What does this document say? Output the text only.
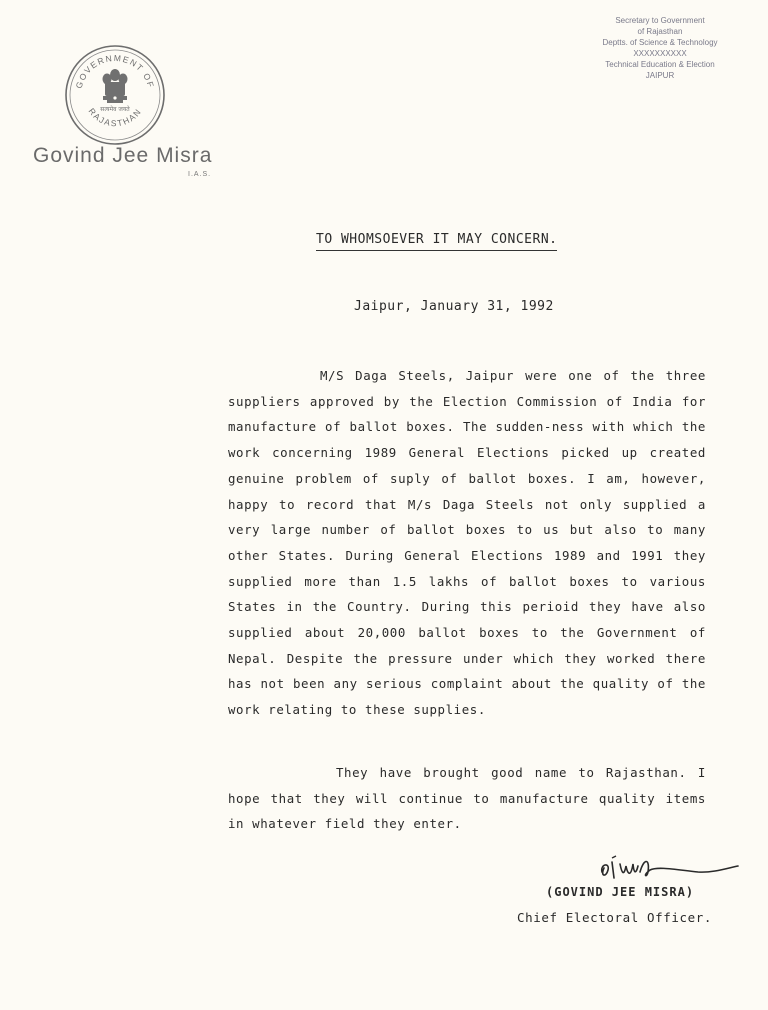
GOVERNMENT OF
RAJASTHAN
सत्यमेव जयते
Govind Jee Misra
I.A.S.
Secretary to Government
of Rajasthan
Deptts. of Science & Technology
XXXXXXXXXX
Technical Education & Election
JAIPUR
TO WHOMSOEVER IT MAY CONCERN.
Jaipur, January 31, 1992

M/S Daga Steels, Jaipur were one of the three suppliers approved by the Election Commission of India for manufacture of ballot boxes. The sudden-ness with which the work concerning 1989 General Elections picked up created genuine problem of suply of ballot boxes. I am, however, happy to record that M/s Daga Steels not only supplied a very large number of ballot boxes to us but also to many other States. During General Elections 1989 and 1991 they supplied more than 1.5 lakhs of ballot boxes to various States in the Country. During this perioid they have also supplied about 20,000 ballot boxes to the Government of Nepal. Despite the pressure under which they worked there has not been any serious complaint about the quality of the work relating to these supplies.

They have brought good name to Rajasthan. I hope that they will continue to manufacture quality items in whatever field they enter.

(GOVIND JEE MISRA)
Chief Electoral Officer.
